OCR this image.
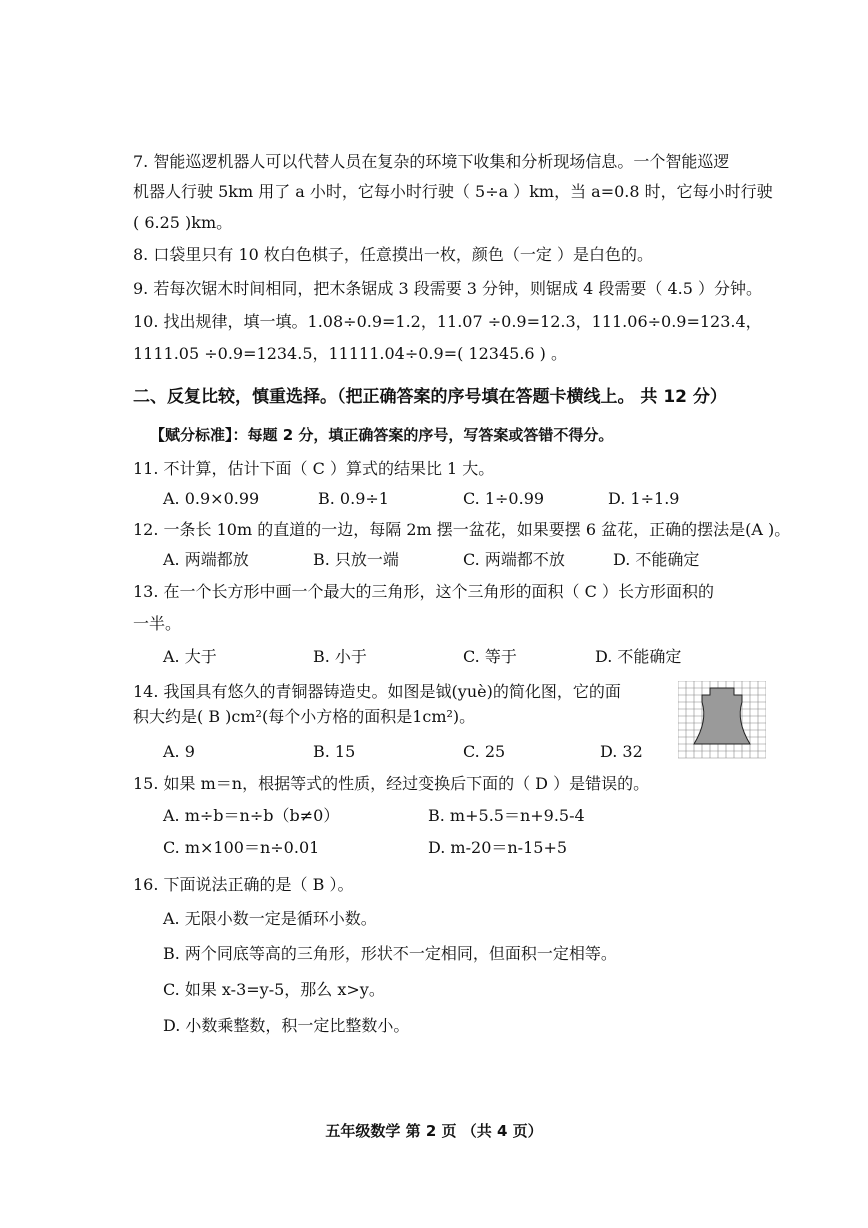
7. 智能巡逻机器人可以代替人员在复杂的环境下收集和分析现场信息。一个智能巡逻
机器人行驶 5km 用了 a 小时，它每小时行驶（ 5÷a ）km，当 a=0.8 时，它每小时行驶
( 6.25 )km。
8. 口袋里只有 10 枚白色棋子，任意摸出一枚，颜色（一定 ）是白色的。
9. 若每次锯木时间相同，把木条锯成 3 段需要 3 分钟，则锯成 4 段需要（ 4.5 ）分钟。
10. 找出规律，填一填。1.08÷0.9=1.2，11.07 ÷0.9=12.3，111.06÷0.9=123.4，
1111.05 ÷0.9=1234.5，11111.04÷0.9=( 12345.6 ) 。
二、反复比较，慎重选择。（把正确答案的序号填在答题卡横线上。 共 12 分）
【赋分标准】：每题 2 分，填正确答案的序号，写答案或答错不得分。
11. 不计算，估计下面（ C ）算式的结果比 1 大。
A. 0.9×0.99	B. 0.9÷1	C. 1÷0.99	D. 1÷1.9
12. 一条长 10m 的直道的一边，每隔 2m 摆一盆花，如果要摆 6 盆花，正确的摆法是(A )。
A. 两端都放	B. 只放一端	C. 两端都不放	D. 不能确定
13. 在一个长方形中画一个最大的三角形，这个三角形的面积（ C ）长方形面积的
一半。
A. 大于	B. 小于	C. 等于	D. 不能确定
14. 我国具有悠久的青铜器铸造史。如图是钺(yuè)的简化图，它的面
积大约是( B )cm²(每个小方格的面积是1cm²)。
A. 9	B. 15	C. 25	D. 32
15. 如果 m＝n，根据等式的性质，经过变换后下面的（ D ）是错误的。
A. m÷b＝n÷b（b≠0）	B. m+5.5＝n+9.5-4
C. m×100＝n÷0.01	D. m-20＝n-15+5
16. 下面说法正确的是（ B ）。
A. 无限小数一定是循环小数。
B. 两个同底等高的三角形，形状不一定相同，但面积一定相等。
C. 如果 x-3=y-5，那么 x>y。
D. 小数乘整数，积一定比整数小。
五年级数学 第 2 页 （共 4 页）
